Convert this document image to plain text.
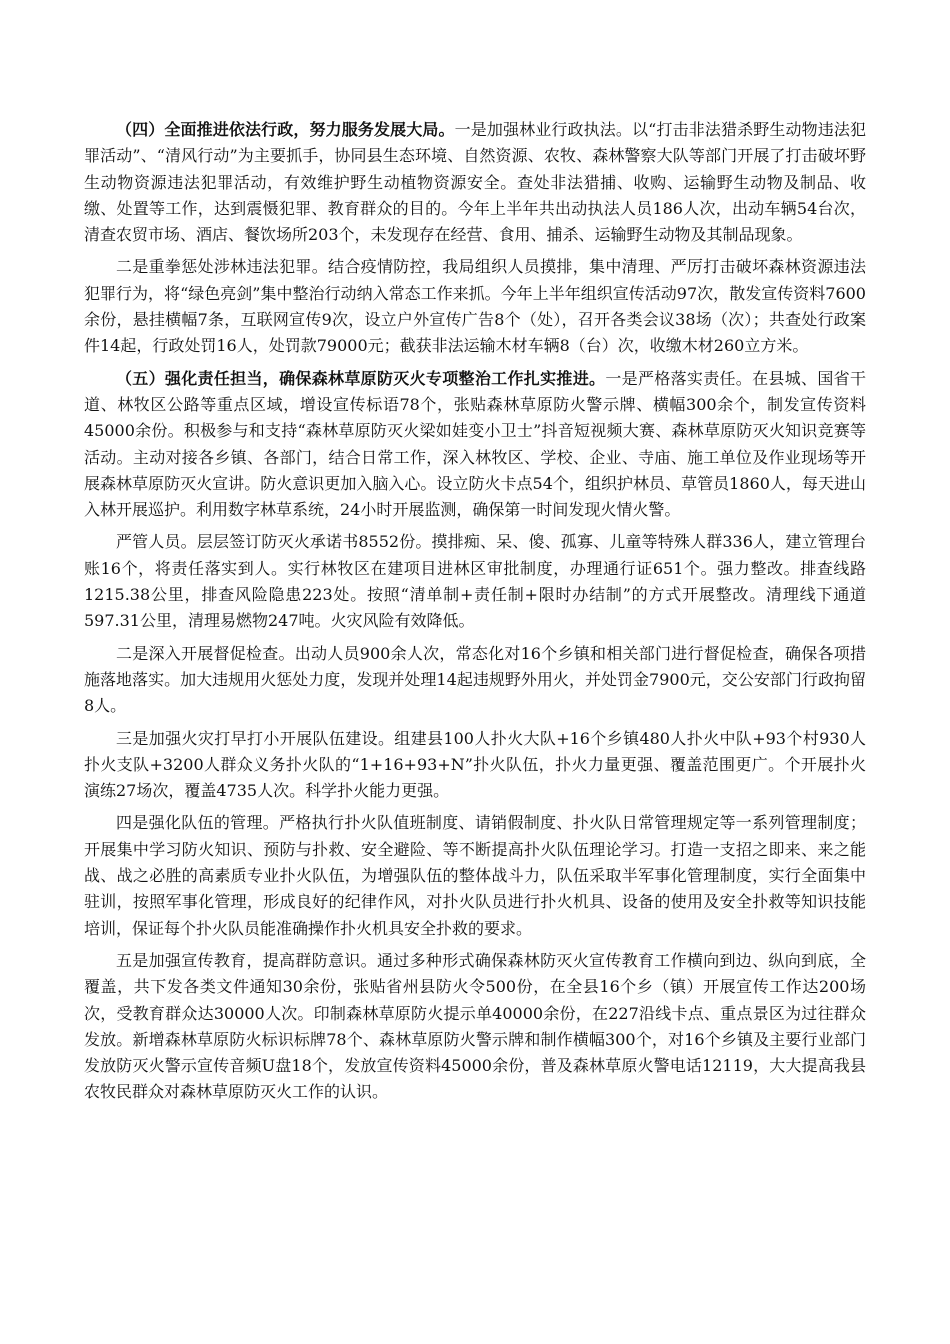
（四）全面推进依法行政，努力服务发展大局。一是加强林业行政执法。以“打击非法猎杀野生动物违法犯罪活动”、“清风行动”为主要抓手，协同县生态环境、自然资源、农牧、森林警察大队等部门开展了打击破坏野生动物资源违法犯罪活动，有效维护野生动植物资源安全。查处非法猎捕、收购、运输野生动物及制品、收缴、处置等工作，达到震慑犯罪、教育群众的目的。今年上半年共出动执法人员186人次，出动车辆54台次，清查农贸市场、酒店、餐饮场所203个，未发现存在经营、食用、捕杀、运输野生动物及其制品现象。

二是重拳惩处涉林违法犯罪。结合疫情防控，我局组织人员摸排，集中清理、严厉打击破坏森林资源违法犯罪行为，将“绿色亮剑”集中整治行动纳入常态工作来抓。今年上半年组织宣传活动97次，散发宣传资料7600余份，悬挂横幅7条，互联网宣传9次，设立户外宣传广告8个（处），召开各类会议38场（次）；共查处行政案件14起，行政处罚16人，处罚款79000元；截获非法运输木材车辆8（台）次，收缴木材260立方米。

（五）强化责任担当，确保森林草原防灭火专项整治工作扎实推进。一是严格落实责任。在县城、国省干道、林牧区公路等重点区域，增设宣传标语78个，张贴森林草原防火警示牌、横幅300余个，制发宣传资料45000余份。积极参与和支持“森林草原防灭火梁如娃变小卫士”抖音短视频大赛、森林草原防灭火知识竞赛等活动。主动对接各乡镇、各部门，结合日常工作，深入林牧区、学校、企业、寺庙、施工单位及作业现场等开展森林草原防灭火宣讲。防火意识更加入脑入心。设立防火卡点54个，组织护林员、草管员1860人，每天进山入林开展巡护。利用数字林草系统，24小时开展监测，确保第一时间发现火情火警。

严管人员。层层签订防灭火承诺书8552份。摸排痴、呆、傻、孤寡、儿童等特殊人群336人，建立管理台账16个，将责任落实到人。实行林牧区在建项目进林区审批制度，办理通行证651个。强力整改。排查线路1215.38公里，排查风险隐患223处。按照“清单制+责任制+限时办结制”的方式开展整改。清理线下通道597.31公里，清理易燃物247吨。火灾风险有效降低。

二是深入开展督促检查。出动人员900余人次，常态化对16个乡镇和相关部门进行督促检查，确保各项措施落地落实。加大违规用火惩处力度，发现并处理14起违规野外用火，并处罚金7900元，交公安部门行政拘留8人。

三是加强火灾打早打小开展队伍建设。组建县100人扑火大队+16个乡镇480人扑火中队+93个村930人扑火支队+3200人群众义务扑火队的“1+16+93+N”扑火队伍，扑火力量更强、覆盖范围更广。个开展扑火演练27场次，覆盖4735人次。科学扑火能力更强。

四是强化队伍的管理。严格执行扑火队值班制度、请销假制度、扑火队日常管理规定等一系列管理制度；开展集中学习防火知识、预防与扑救、安全避险、等不断提高扑火队伍理论学习。打造一支招之即来、来之能战、战之必胜的高素质专业扑火队伍，为增强队伍的整体战斗力，队伍采取半军事化管理制度，实行全面集中驻训，按照军事化管理，形成良好的纪律作风，对扑火队员进行扑火机具、设备的使用及安全扑救等知识技能培训，保证每个扑火队员能准确操作扑火机具安全扑救的要求。

五是加强宣传教育，提高群防意识。通过多种形式确保森林防灭火宣传教育工作横向到边、纵向到底，全覆盖，共下发各类文件通知30余份，张贴省州县防火令500份，在全县16个乡（镇）开展宣传工作达200场次，受教育群众达30000人次。印制森林草原防火提示单40000余份，在227沿线卡点、重点景区为过往群众发放。新增森林草原防火标识标牌78个、森林草原防火警示牌和制作横幅300个，对16个乡镇及主要行业部门发放防灭火警示宣传音频U盘18个，发放宣传资料45000余份，普及森林草原火警电话12119，大大提高我县农牧民群众对森林草原防灭火工作的认识。
